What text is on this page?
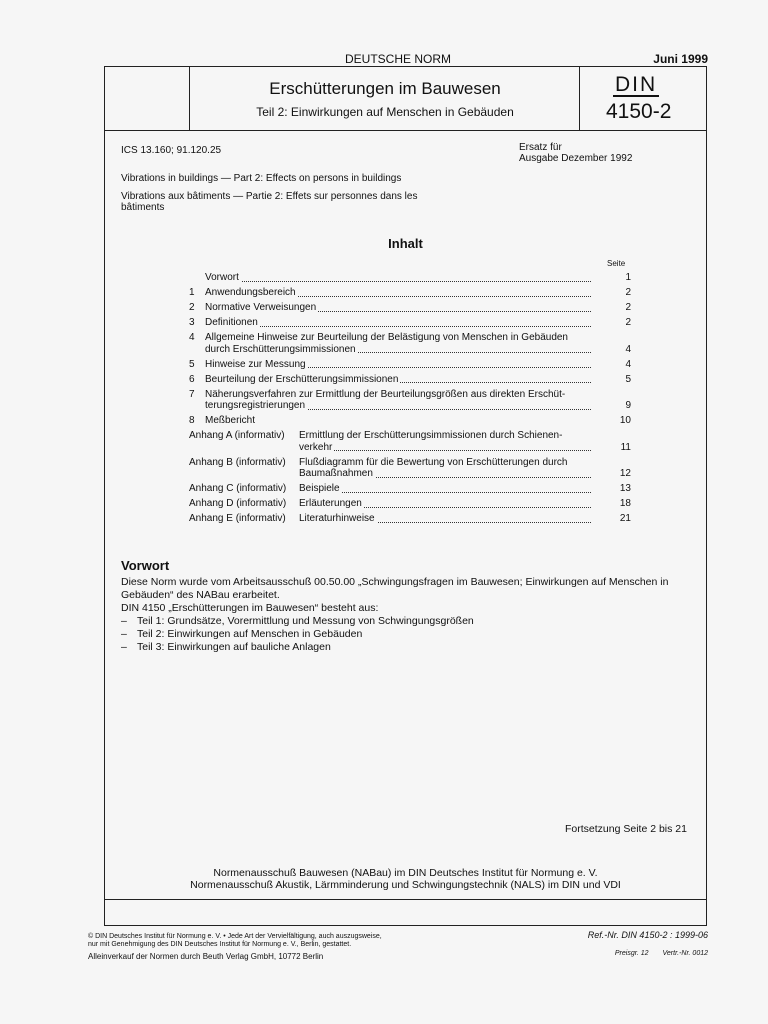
DEUTSCHE NORM	Juni 1999
Erschütterungen im Bauwesen
Teil 2: Einwirkungen auf Menschen in Gebäuden
DIN
4150-2
ICS 13.160; 91.120.25	Ersatz für
Ausgabe Dezember 1992
Vibrations in buildings — Part 2: Effects on persons in buildings
Vibrations aux bâtiments — Partie 2: Effets sur personnes dans les bâtiments
Inhalt
Seite
Vorwort	1
1	Anwendungsbereich	2
2	Normative Verweisungen	2
3	Definitionen	2
4	Allgemeine Hinweise zur Beurteilung der Belästigung von Menschen in Gebäuden
durch Erschütterungsimmissionen	4
5	Hinweise zur Messung	4
6	Beurteilung der Erschütterungsimmissionen	5
7	Näherungsverfahren zur Ermittlung der Beurteilungsgrößen aus direkten Erschüt-
terungsregistrierungen	9
8	Meßbericht	10
Anhang A (informativ)	Ermittlung der Erschütterungsimmissionen durch Schienen-
verkehr	11
Anhang B (informativ)	Flußdiagramm für die Bewertung von Erschütterungen durch
Baumaßnahmen	12
Anhang C (informativ)	Beispiele	13
Anhang D (informativ)	Erläuterungen	18
Anhang E (informativ)	Literaturhinweise	21
Vorwort

Diese Norm wurde vom Arbeitsausschuß 00.50.00 „Schwingungsfragen im Bauwesen; Einwirkungen auf Menschen in Gebäuden“ des NABau erarbeitet.

DIN 4150 „Erschütterungen im Bauwesen“ besteht aus:

– Teil 1: Grundsätze, Vorermittlung und Messung von Schwingungsgrößen
– Teil 2: Einwirkungen auf Menschen in Gebäuden
– Teil 3: Einwirkungen auf bauliche Anlagen
Fortsetzung Seite 2 bis 21
Normenausschuß Bauwesen (NABau) im DIN Deutsches Institut für Normung e. V.
Normenausschuß Akustik, Lärmminderung und Schwingungstechnik (NALS) im DIN und VDI
© DIN Deutsches Institut für Normung e. V. • Jede Art der Vervielfältigung, auch auszugsweise,
nur mit Genehmigung des DIN Deutsches Institut für Normung e. V., Berlin, gestattet.
Ref.-Nr. DIN 4150-2 : 1999-06
Alleinverkauf der Normen durch Beuth Verlag GmbH, 10772 Berlin	Preisgr. 12 Vertr.-Nr. 0012
